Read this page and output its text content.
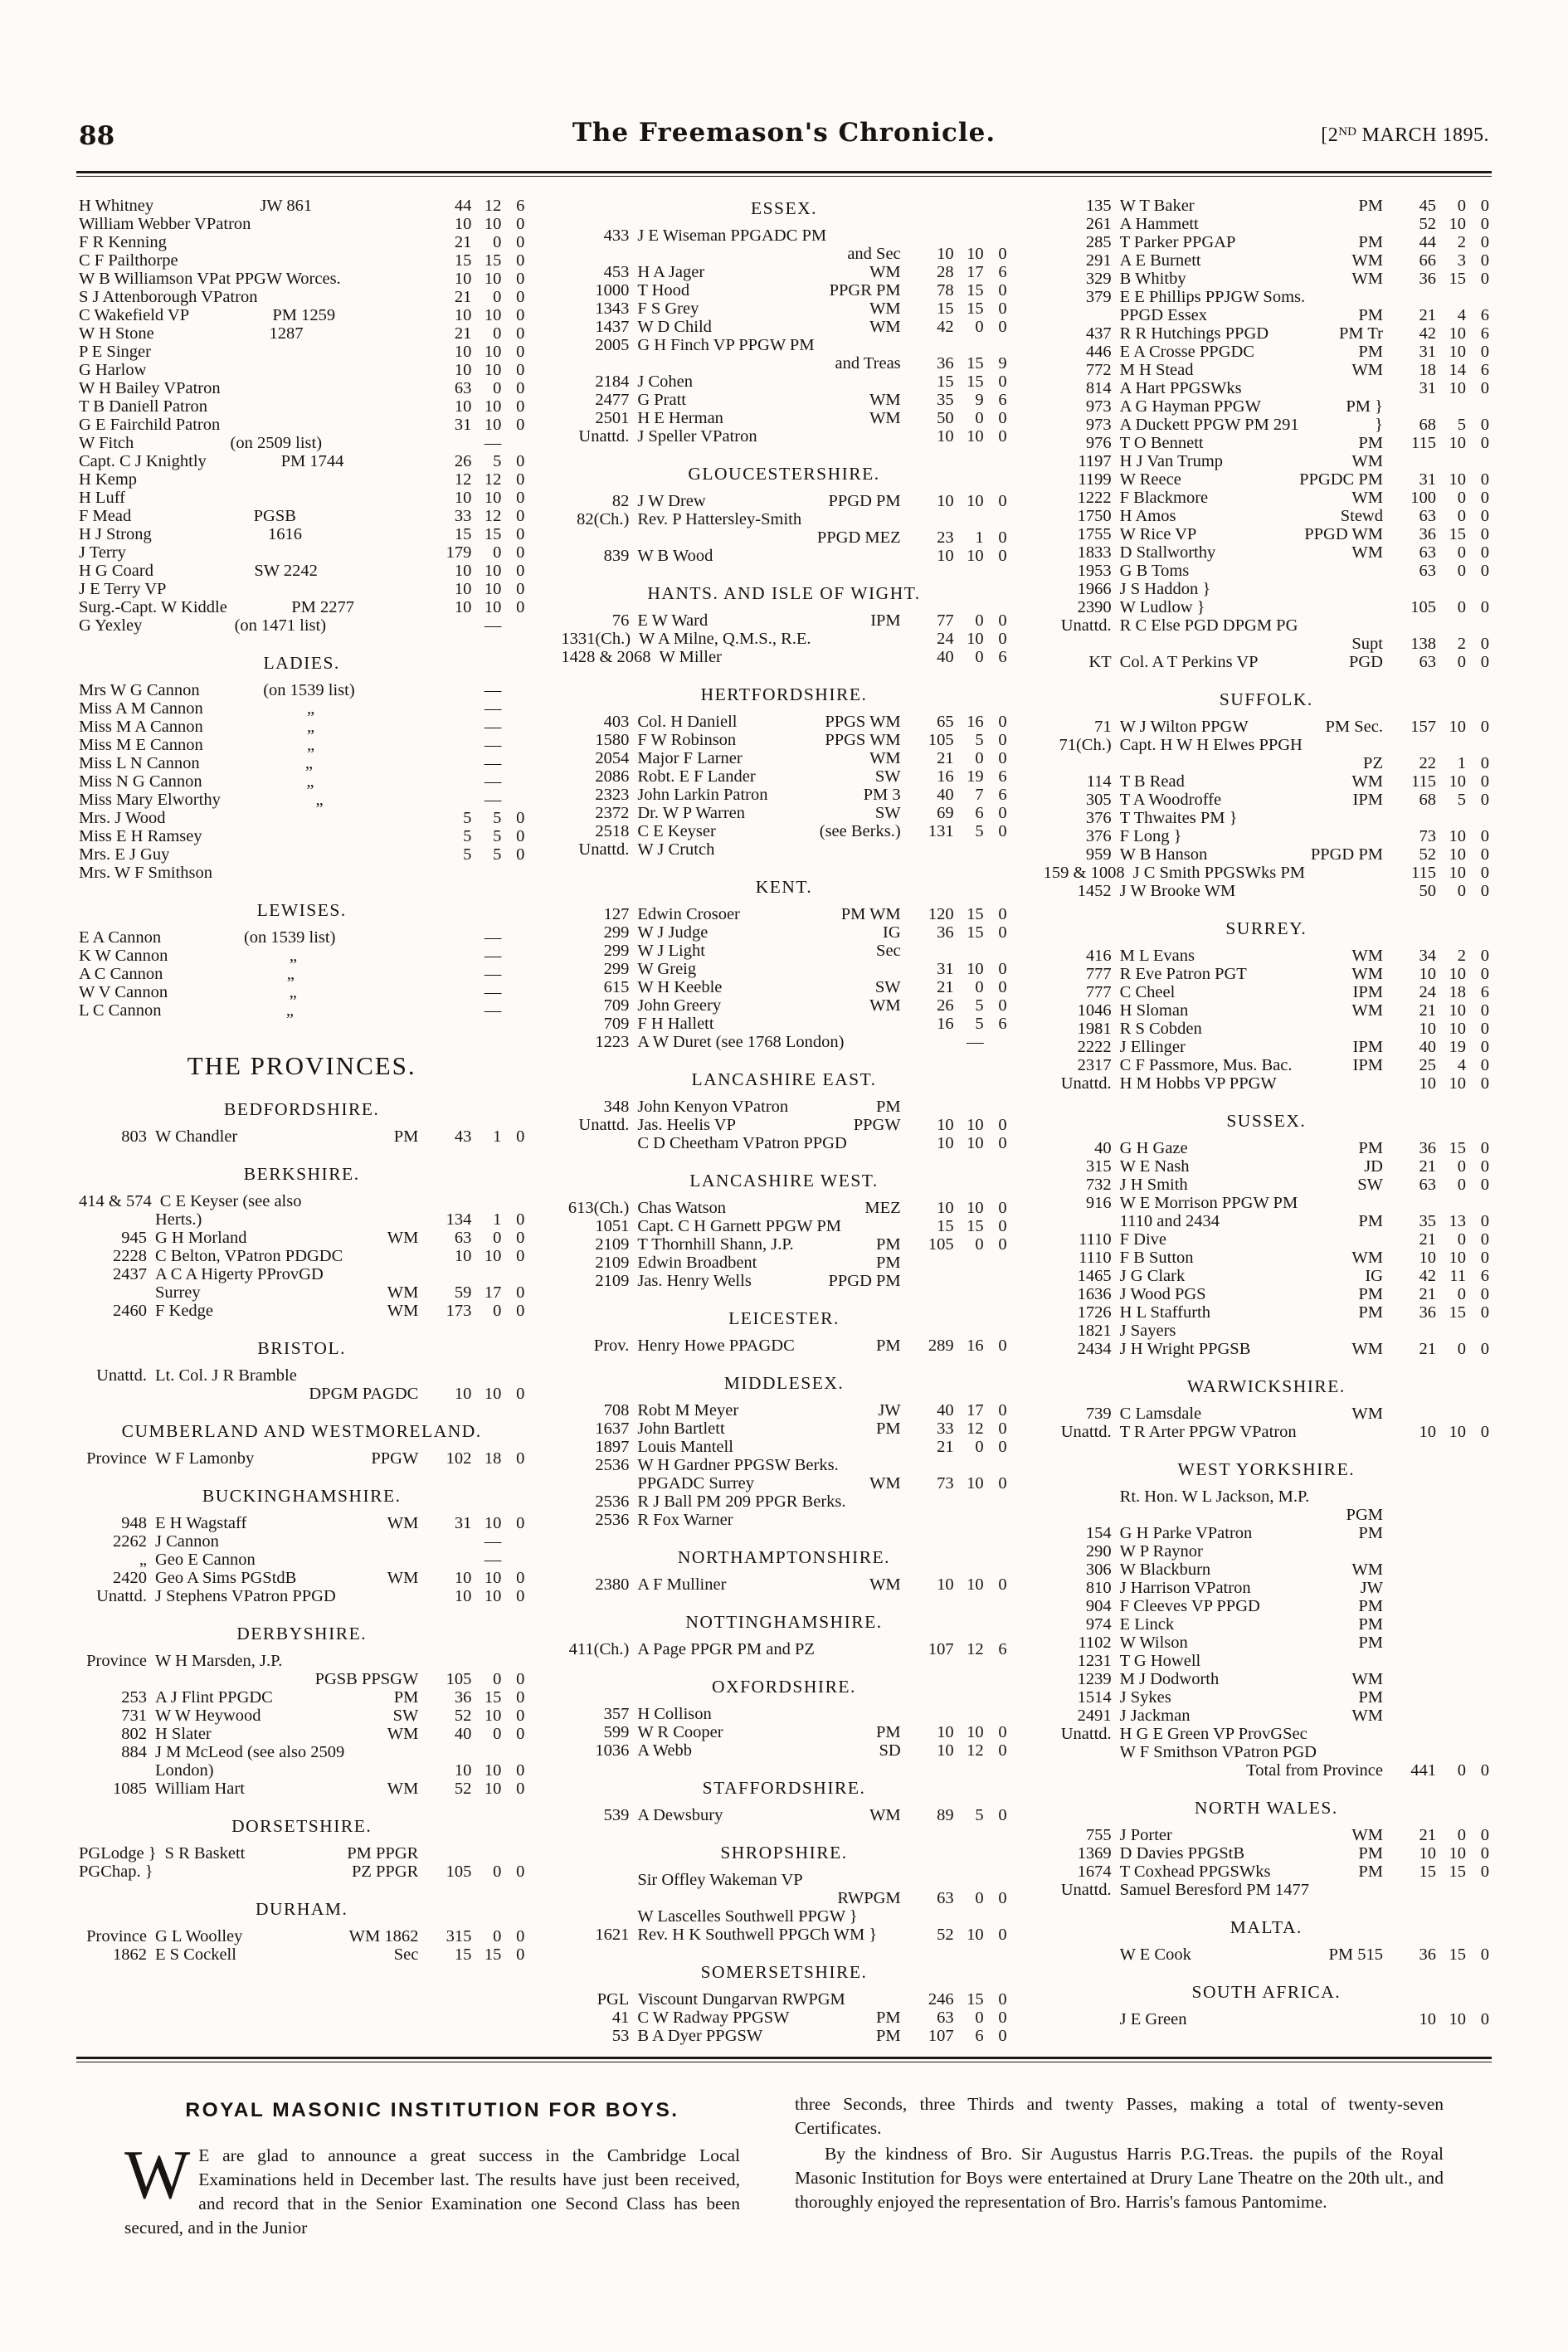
88	The Freemason's Chronicle.	[2ND MARCH 1895.
H Whitney	JW 861	44 12 6
William Webber VPatron	10 10 0
F R Kenning	21	0 0
C F Pailthorpe	15 15 0
W B Williamson VPat PPGW Worces.	10 10 0
S J Attenborough VPatron	21	0 0
C Wakefield VP	PM 1259	10 10 0
W H Stone	1287	21	0 0
P E Singer	10 10 0
G Harlow	10 10 0
W H Bailey VPatron	63	0 0
T B Daniell Patron	10 10 0
G E Fairchild Patron	31 10 0
W Fitch	(on 2509 list)	—
Capt. C J Knightly	PM 1744	26	5 0
H Kemp	12 12 0
H Luff	10 10 0
F Mead	PGSB	33 12 0
H J Strong	1616	15 15 0
J Terry	179	0 0
H G Coard	SW 2242	10 10 0
J E Terry VP	10 10 0
Surg.-Capt. W Kiddle	PM 2277	10 10 0
G Yexley	(on 1471 list)	—
LADIES.
Mrs W G Cannon	(on 1539 list)	—
Miss A M Cannon	„	—
Miss M A Cannon	„	—
Miss M E Cannon	„	—
Miss L N Cannon	„	—
Miss N G Cannon	„	—
Miss Mary Elworthy	„	—
Mrs. J Wood	5	5 0
Miss E H Ramsey	5	5 0
Mrs. E J Guy	5	5 0
Mrs. W F Smithson
LEWISES.
E A Cannon	(on 1539 list)	—
K W Cannon	„	—
A C Cannon	„	—
W V Cannon	„	—
L C Cannon	„	—
THE PROVINCES.
BEDFORDSHIRE.
803 W Chandler	PM	43	1 0
BERKSHIRE.
414 & 574 C E Keyser (see also
Herts.)	134	1 0
945 G H Morland	WM	63	0 0
2228 C Belton, VPatron PDGDC	10 10 0
2437 A C A Higerty PProvGD
Surrey	WM	59 17 0
2460 F Kedge	WM	173	0 0
BRISTOL.
Unattd. Lt. Col. J R Bramble
DPGM PAGDC	10 10 0
CUMBERLAND AND WESTMORELAND.
Province W F Lamonby	PPGW	102 18 0
BUCKINGHAMSHIRE.
948 E H Wagstaff	WM	31 10 0
2262 J Cannon	—
„ Geo E Cannon	—
2420 Geo A Sims PGStdB	WM	10 10 0
Unattd. J Stephens VPatron PPGD	10 10 0
DERBYSHIRE.
Province W H Marsden, J.P.
PGSB PPSGW	105	0 0
253 A J Flint PPGDC	PM	36 15 0
731 W W Heywood	SW	52 10 0
802 H Slater	WM	40	0 0
884 J M McLeod (see also 2509
London)	10 10 0
1085 William Hart	WM	52 10 0
DORSETSHIRE.
PGLodge } S R Baskett	PM PPGR
PGChap. }	PZ PPGR	105	0 0
DURHAM.
Province G L Woolley	WM 1862	315	0 0
1862 E S Cockell	Sec	15 15 0
ESSEX.
433 J E Wiseman PPGADC PM
and Sec	10 10 0
453 H A Jager	WM	28 17 6
1000 T Hood	PPGR PM	78 15 0
1343 F S Grey	WM	15 15 0
1437 W D Child	WM	42	0 0
2005 G H Finch VP PPGW PM
and Treas	36 15 9
2184 J Cohen	15 15 0
2477 G Pratt	WM	35	9 6
2501 H E Herman	WM	50	0 0
Unattd. J Speller VPatron	10 10 0
GLOUCESTERSHIRE.
82 J W Drew	PPGD PM	10 10 0
82(Ch.) Rev. P Hattersley-Smith
PPGD MEZ	23	1 0
839 W B Wood	10 10 0
HANTS. AND ISLE OF WIGHT.
76 E W Ward	IPM	77	0 0
1331(Ch.) W A Milne, Q.M.S., R.E.	24 10 0
1428 & 2068 W Miller	40	0 6
HERTFORDSHIRE.
403 Col. H Daniell	PPGS WM	65 16 0
1580 F W Robinson	PPGS WM	105	5 0
2054 Major F Larner	WM	21	0 0
2086 Robt. E F Lander	SW	16 19 6
2323 John Larkin Patron	PM 3	40	7 6
2372 Dr. W P Warren	SW	69	6 0
2518 C E Keyser	(see Berks.)	131	5 0
Unattd. W J Crutch
KENT.
127 Edwin Crosoer	PM WM	120 15 0
299 W J Judge	IG	36 15 0
299 W J Light	Sec
299 W Greig	31 10 0
615 W H Keeble	SW	21	0 0
709 John Greery	WM	26	5 0
709 F H Hallett	16	5 6
1223 A W Duret (see 1768 London)	—
LANCASHIRE EAST.
348 John Kenyon VPatron	PM
Unattd. Jas. Heelis VP	PPGW	10 10 0
C D Cheetham VPatron PPGD	10 10 0
LANCASHIRE WEST.
613(Ch.) Chas Watson	MEZ	10 10 0
1051 Capt. C H Garnett PPGW PM	15 15 0
2109 T Thornhill Shann, J.P.	PM	105	0 0
2109 Edwin Broadbent	PM
2109 Jas. Henry Wells	PPGD PM
LEICESTER.
Prov. Henry Howe PPAGDC	PM	289 16 0
MIDDLESEX.
708 Robt M Meyer	JW	40 17 0
1637 John Bartlett	PM	33 12 0
1897 Louis Mantell	21	0 0
2536 W H Gardner PPGSW Berks.
PPGADC Surrey	WM	73 10 0
2536 R J Ball PM 209 PPGR Berks.
2536 R Fox Warner
NORTHAMPTONSHIRE.
2380 A F Mulliner	WM	10 10 0
NOTTINGHAMSHIRE.
411(Ch.) A Page PPGR PM and PZ	107 12 6
OXFORDSHIRE.
357 H Collison
599 W R Cooper	PM	10 10 0
1036 A Webb	SD	10 12 0
STAFFORDSHIRE.
539 A Dewsbury	WM	89	5 0
SHROPSHIRE.
Sir Offley Wakeman VP
RWPGM	63	0 0
W Lascelles Southwell PPGW }
1621 Rev. H K Southwell PPGCh WM }	52 10 0
SOMERSETSHIRE.
PGL Viscount Dungarvan RWPGM	246 15 0
41 C W Radway PPGSW	PM	63	0 0
53 B A Dyer PPGSW	PM	107	6 0
135 W T Baker	PM	45	0 0
261 A Hammett	52 10 0
285 T Parker PPGAP	PM	44	2 0
291 A E Burnett	WM	66	3 0
329 B Whitby	WM	36 15 0
379 E E Phillips PPJGW Soms.
PPGD Essex	PM	21	4 6
437 R R Hutchings PPGD	PM Tr	42 10 6
446 E A Crosse PPGDC	PM	31 10 0
772 M H Stead	WM	18 14 6
814 A Hart PPGSWks	31 10 0
973 A G Hayman PPGW	PM }
973 A Duckett PPGW PM 291	}	68	5 0
976 T O Bennett	PM	115 10 0
1197 H J Van Trump	WM
1199 W Reece	PPGDC PM	31 10 0
1222 F Blackmore	WM	100	0 0
1750 H Amos	Stewd	63	0 0
1755 W Rice VP	PPGD WM	36 15 0
1833 D Stallworthy	WM	63	0 0
1953 G B Toms	63	0 0
1966 J S Haddon }
2390 W Ludlow }	105	0 0
Unattd. R C Else PGD DPGM PG
Supt	138	2 0
KT Col. A T Perkins VP	PGD	63	0 0
SUFFOLK.
71 W J Wilton PPGW	PM Sec.	157 10 0
71(Ch.) Capt. H W H Elwes PPGH
PZ	22	1 0
114 T B Read	WM	115 10 0
305 T A Woodroffe	IPM	68	5 0
376 T Thwaites PM }
376 F Long }	73 10 0
959 W B Hanson	PPGD PM	52 10 0
159 & 1008 J C Smith PPGSWks PM	115 10 0
1452 J W Brooke WM	50	0 0
SURREY.
416 M L Evans	WM	34	2 0
777 R Eve Patron PGT	WM	10 10 0
777 C Cheel	IPM	24 18 6
1046 H Sloman	WM	21 10 0
1981 R S Cobden	10 10 0
2222 J Ellinger	IPM	40 19 0
2317 C F Passmore, Mus. Bac.	IPM	25	4 0
Unattd. H M Hobbs VP PPGW	10 10 0
SUSSEX.
40 G H Gaze	PM	36 15 0
315 W E Nash	JD	21	0 0
732 J H Smith	SW	63	0 0
916 W E Morrison PPGW PM
1110 and 2434	PM	35 13 0
1110 F Dive	21	0 0
1110 F B Sutton	WM	10 10 0
1465 J G Clark	IG	42 11 6
1636 J Wood PGS	PM	21	0 0
1726 H L Staffurth	PM	36 15 0
1821 J Sayers
2434 J H Wright PPGSB	WM	21	0 0
WARWICKSHIRE.
739 C Lamsdale	WM
Unattd. T R Arter PPGW VPatron	10 10 0
WEST YORKSHIRE.
Rt. Hon. W L Jackson, M.P.
PGM
154 G H Parke VPatron	PM
290 W P Raynor
306 W Blackburn	WM
810 J Harrison VPatron	JW
904 F Cleeves VP PPGD	PM
974 E Linck	PM
1102 W Wilson	PM
1231 T G Howell
1239 M J Dodworth	WM
1514 J Sykes	PM
2491 J Jackman	WM
Unattd. H G E Green VP ProvGSec
W F Smithson VPatron PGD
Total from Province	441	0 0
NORTH WALES.
755 J Porter	WM	21	0 0
1369 D Davies PPGStB	PM	10 10 0
1674 T Coxhead PPGSWks	PM	15 15 0
Unattd. Samuel Beresford PM 1477
MALTA.
W E Cook	PM 515	36 15 0
SOUTH AFRICA.
J E Green	10 10 0
ROYAL MASONIC INSTITUTION FOR BOYS.
W E are glad to announce a great success in the Cambridge Local Examinations held in December last. The results have just been received, and record that in the Senior Examination one Second Class has been secured, and in the Junior

three Seconds, three Thirds and twenty Passes, making a total of twenty-seven Certificates.

By the kindness of Bro. Sir Augustus Harris P.G.Treas. the pupils of the Royal Masonic Institution for Boys were entertained at Drury Lane Theatre on the 20th ult., and thoroughly enjoyed the representation of Bro. Harris's famous Pantomime.
